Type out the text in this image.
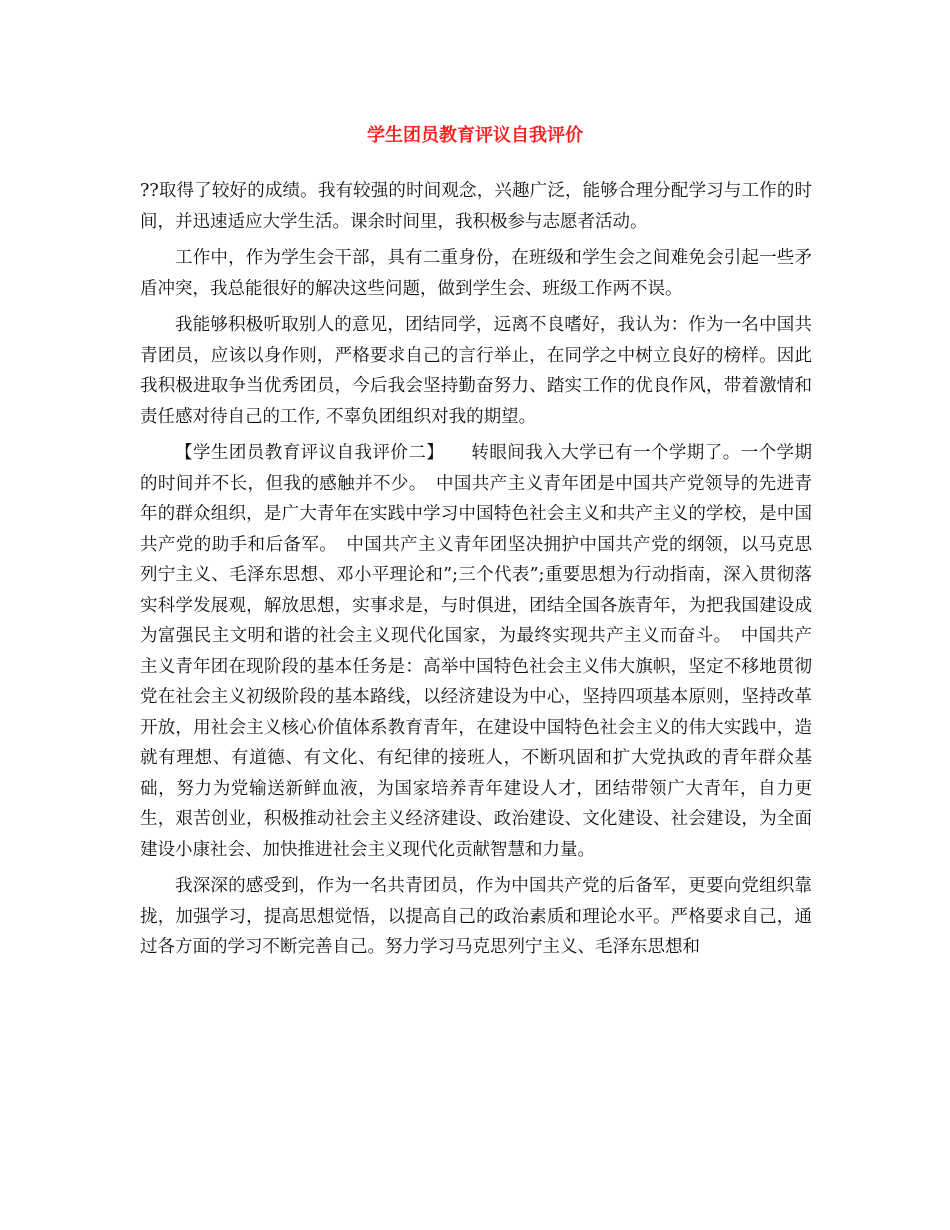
学生团员教育评议自我评价

??取得了较好的成绩。我有较强的时间观念，兴趣广泛，能够合理分配学习与工作的时间，并迅速适应大学生活。课余时间里，我积极参与志愿者活动。

工作中，作为学生会干部，具有二重身份，在班级和学生会之间难免会引起一些矛盾冲突，我总能很好的解决这些问题，做到学生会、班级工作两不误。

我能够积极听取别人的意见，团结同学，远离不良嗜好，我认为：作为一名中国共青团员，应该以身作则，严格要求自己的言行举止，在同学之中树立良好的榜样。因此我积极进取争当优秀团员，今后我会坚持勤奋努力、踏实工作的优良作风，带着激情和责任感对待自己的工作, 不辜负团组织对我的期望。

【学生团员教育评议自我评价二】　　转眼间我入大学已有一个学期了。一个学期的时间并不长，但我的感触并不少。　中国共产主义青年团是中国共产党领导的先进青年的群众组织，是广大青年在实践中学习中国特色社会主义和共产主义的学校，是中国共产党的助手和后备军。　中国共产主义青年团坚决拥护中国共产党的纲领，以马克思列宁主义、毛泽东思想、邓小平理论和”;三个代表”;重要思想为行动指南，深入贯彻落实科学发展观，解放思想，实事求是，与时俱进，团结全国各族青年，为把我国建设成为富强民主文明和谐的社会主义现代化国家，为最终实现共产主义而奋斗。　中国共产主义青年团在现阶段的基本任务是：高举中国特色社会主义伟大旗帜，坚定不移地贯彻党在社会主义初级阶段的基本路线，以经济建设为中心，坚持四项基本原则，坚持改革开放，用社会主义核心价值体系教育青年，在建设中国特色社会主义的伟大实践中，造就有理想、有道德、有文化、有纪律的接班人，不断巩固和扩大党执政的青年群众基础，努力为党输送新鲜血液，为国家培养青年建设人才，团结带领广大青年，自力更生，艰苦创业，积极推动社会主义经济建设、政治建设、文化建设、社会建设，为全面建设小康社会、加快推进社会主义现代化贡献智慧和力量。

我深深的感受到，作为一名共青团员，作为中国共产党的后备军，更要向党组织靠拢，加强学习，提高思想觉悟，以提高自己的政治素质和理论水平。严格要求自己，通过各方面的学习不断完善自己。努力学习马克思列宁主义、毛泽东思想和
